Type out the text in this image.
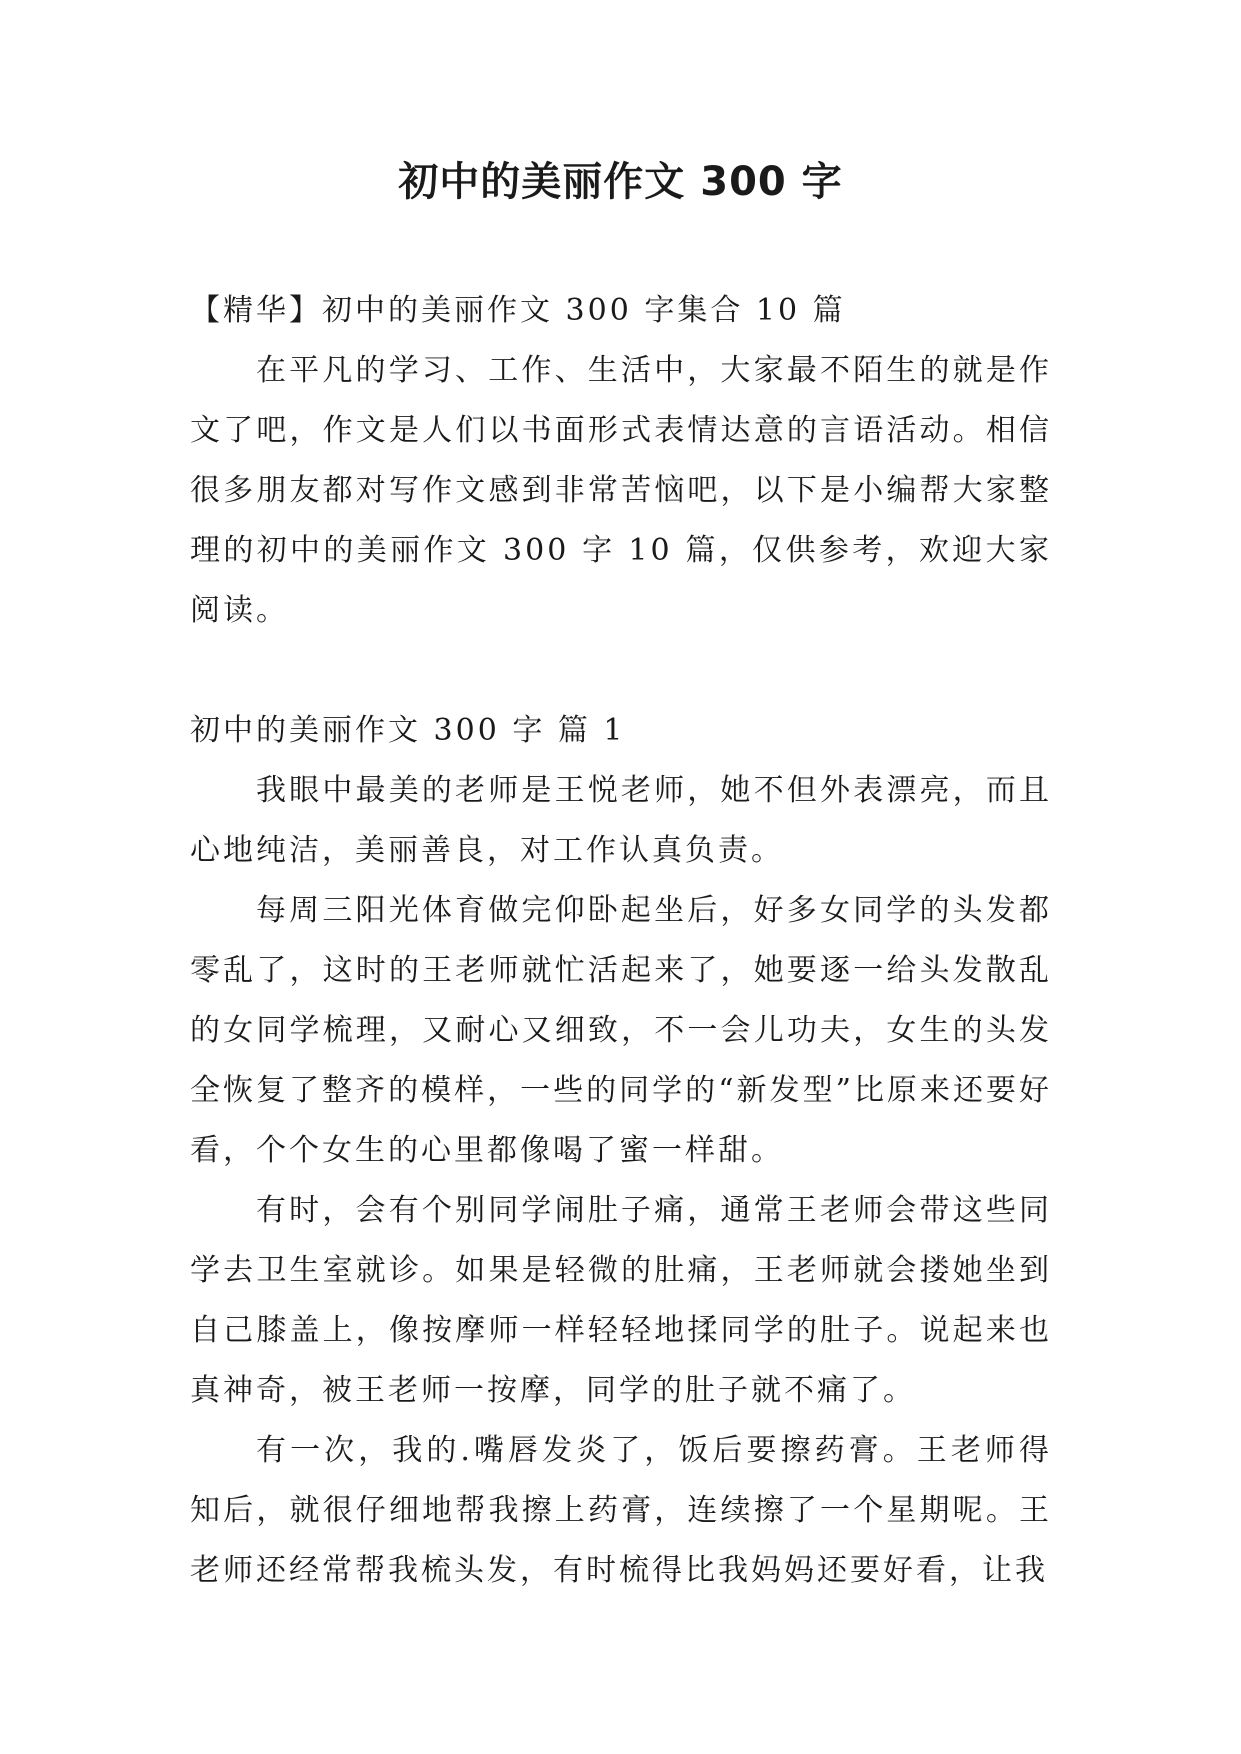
初中的美丽作文 300 字

【精华】初中的美丽作文 300 字集合 10 篇

在平凡的学习、工作、生活中，大家最不陌生的就是作文了吧，作文是人们以书面形式表情达意的言语活动。相信很多朋友都对写作文感到非常苦恼吧，以下是小编帮大家整理的初中的美丽作文 300 字 10 篇，仅供参考，欢迎大家阅读。

初中的美丽作文 300 字 篇 1

我眼中最美的老师是王悦老师，她不但外表漂亮，而且心地纯洁，美丽善良，对工作认真负责。

每周三阳光体育做完仰卧起坐后，好多女同学的头发都零乱了，这时的王老师就忙活起来了，她要逐一给头发散乱的女同学梳理，又耐心又细致，不一会儿功夫，女生的头发全恢复了整齐的模样，一些的同学的“新发型”比原来还要好看，个个女生的心里都像喝了蜜一样甜。

有时，会有个别同学闹肚子痛，通常王老师会带这些同学去卫生室就诊。如果是轻微的肚痛，王老师就会搂她坐到自己膝盖上，像按摩师一样轻轻地揉同学的肚子。说起来也真神奇，被王老师一按摩，同学的肚子就不痛了。

有一次，我的.嘴唇发炎了，饭后要擦药膏。王老师得知后，就很仔细地帮我擦上药膏，连续擦了一个星期呢。王老师还经常帮我梳头发，有时梳得比我妈妈还要好看，让我
